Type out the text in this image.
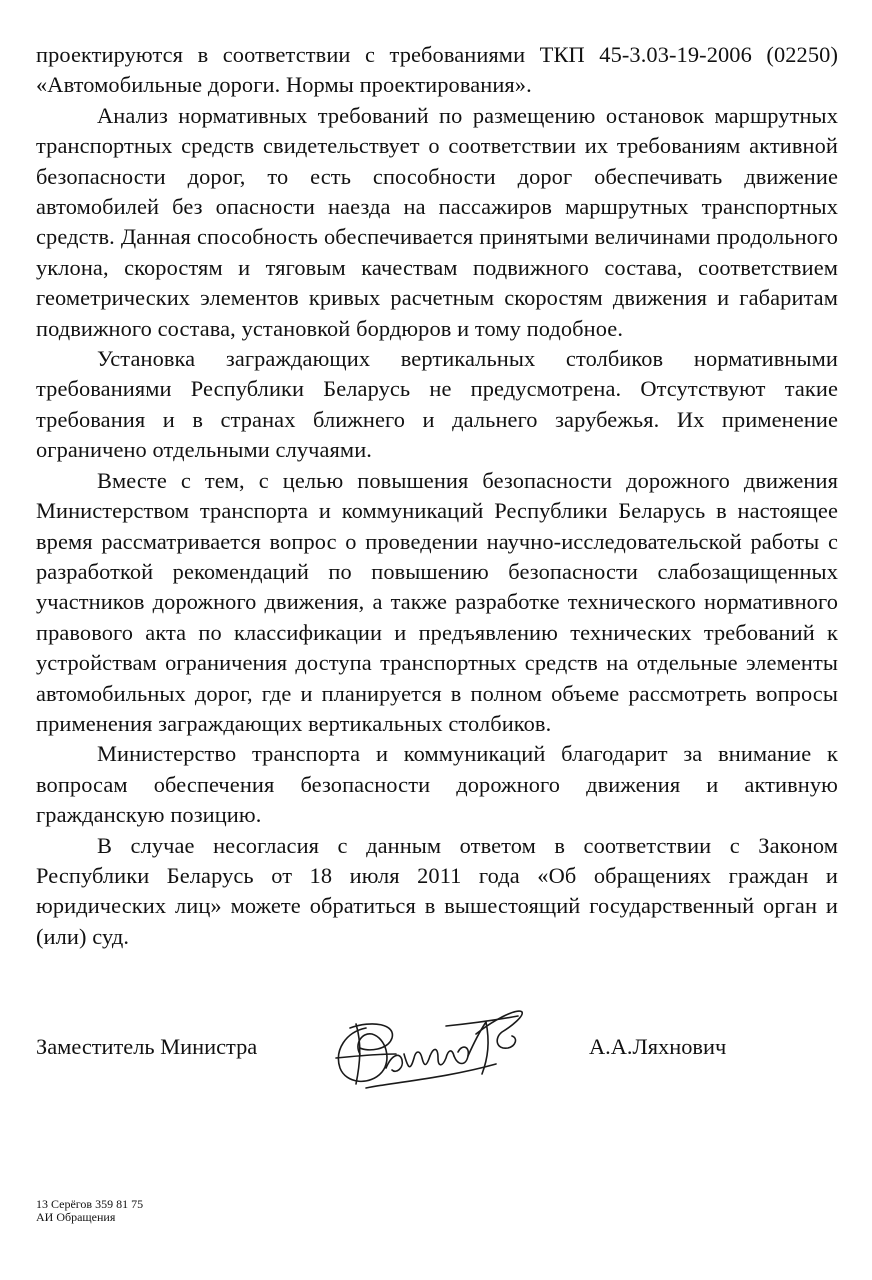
проектируются в соответствии с требованиями ТКП 45-3.03-19-2006 (02250) «Автомобильные дороги. Нормы проектирования».

Анализ нормативных требований по размещению остановок маршрутных транспортных средств свидетельствует о соответствии их требованиям активной безопасности дорог, то есть способности дорог обеспечивать движение автомобилей без опасности наезда на пассажиров маршрутных транспортных средств. Данная способность обеспечивается принятыми величинами продольного уклона, скоростям и тяговым качествам подвижного состава, соответствием геометрических элементов кривых расчетным скоростям движения и габаритам подвижного состава, установкой бордюров и тому подобное.

Установка заграждающих вертикальных столбиков нормативными требованиями Республики Беларусь не предусмотрена. Отсутствуют такие требования и в странах ближнего и дальнего зарубежья. Их применение ограничено отдельными случаями.

Вместе с тем, с целью повышения безопасности дорожного движения Министерством транспорта и коммуникаций Республики Беларусь в настоящее время рассматривается вопрос о проведении научно-исследовательской работы с разработкой рекомендаций по повышению безопасности слабозащищенных участников дорожного движения, а также разработке технического нормативного правового акта по классификации и предъявлению технических требований к устройствам ограничения доступа транспортных средств на отдельные элементы автомобильных дорог, где и планируется в полном объеме рассмотреть вопросы применения заграждающих вертикальных столбиков.

Министерство транспорта и коммуникаций благодарит за внимание к вопросам обеспечения безопасности дорожного движения и активную гражданскую позицию.

В случае несогласия с данным ответом в соответствии с Законом Республики Беларусь от 18 июля 2011 года «Об обращениях граждан и юридических лиц» можете обратиться в вышестоящий государственный орган и (или) суд.

Заместитель Министра	А.А.Ляхнович
13 Серёгов 359 81 75
АИ Обращения
